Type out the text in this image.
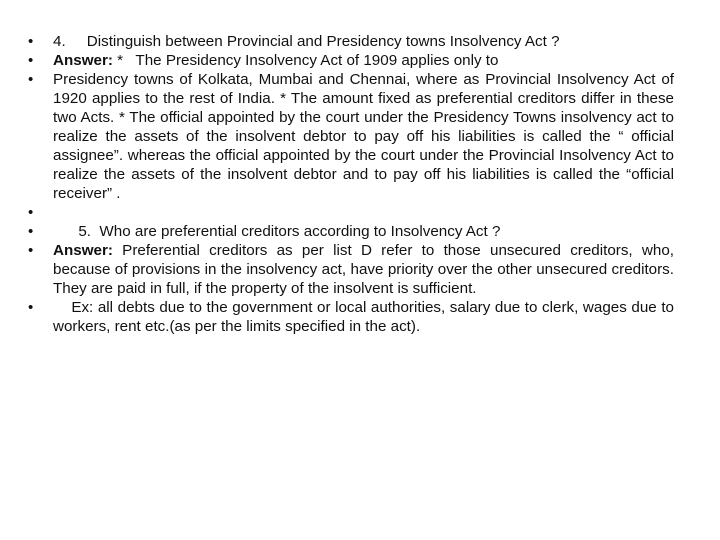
• 4.     Distinguish between Provincial and Presidency towns Insolvency Act ?
• Answer: *   The Presidency Insolvency Act of 1909 applies only to
• Presidency towns of Kolkata, Mumbai and Chennai, where as Provincial Insolvency Act of 1920 applies to the rest of India. * The amount fixed as preferential creditors differ in these two Acts. * The official appointed by the court under the Presidency Towns insolvency act to realize the assets of the insolvent debtor to pay off his liabilities is called the “ official assignee”. whereas the official appointed by the court under the Provincial Insolvency Act to realize the assets of the insolvent debtor and to pay off his liabilities is called the “official receiver” .
•
•       5.  Who are preferential creditors according to Insolvency Act ?
• Answer: Preferential creditors as per list D refer to those unsecured creditors, who, because of provisions in the insolvency act, have priority over the other unsecured creditors. They are paid in full, if the property of the insolvent is sufficient.
•     Ex: all debts due to the government or local authorities, salary due to clerk, wages due to workers, rent etc.(as per the limits specified in the act).
